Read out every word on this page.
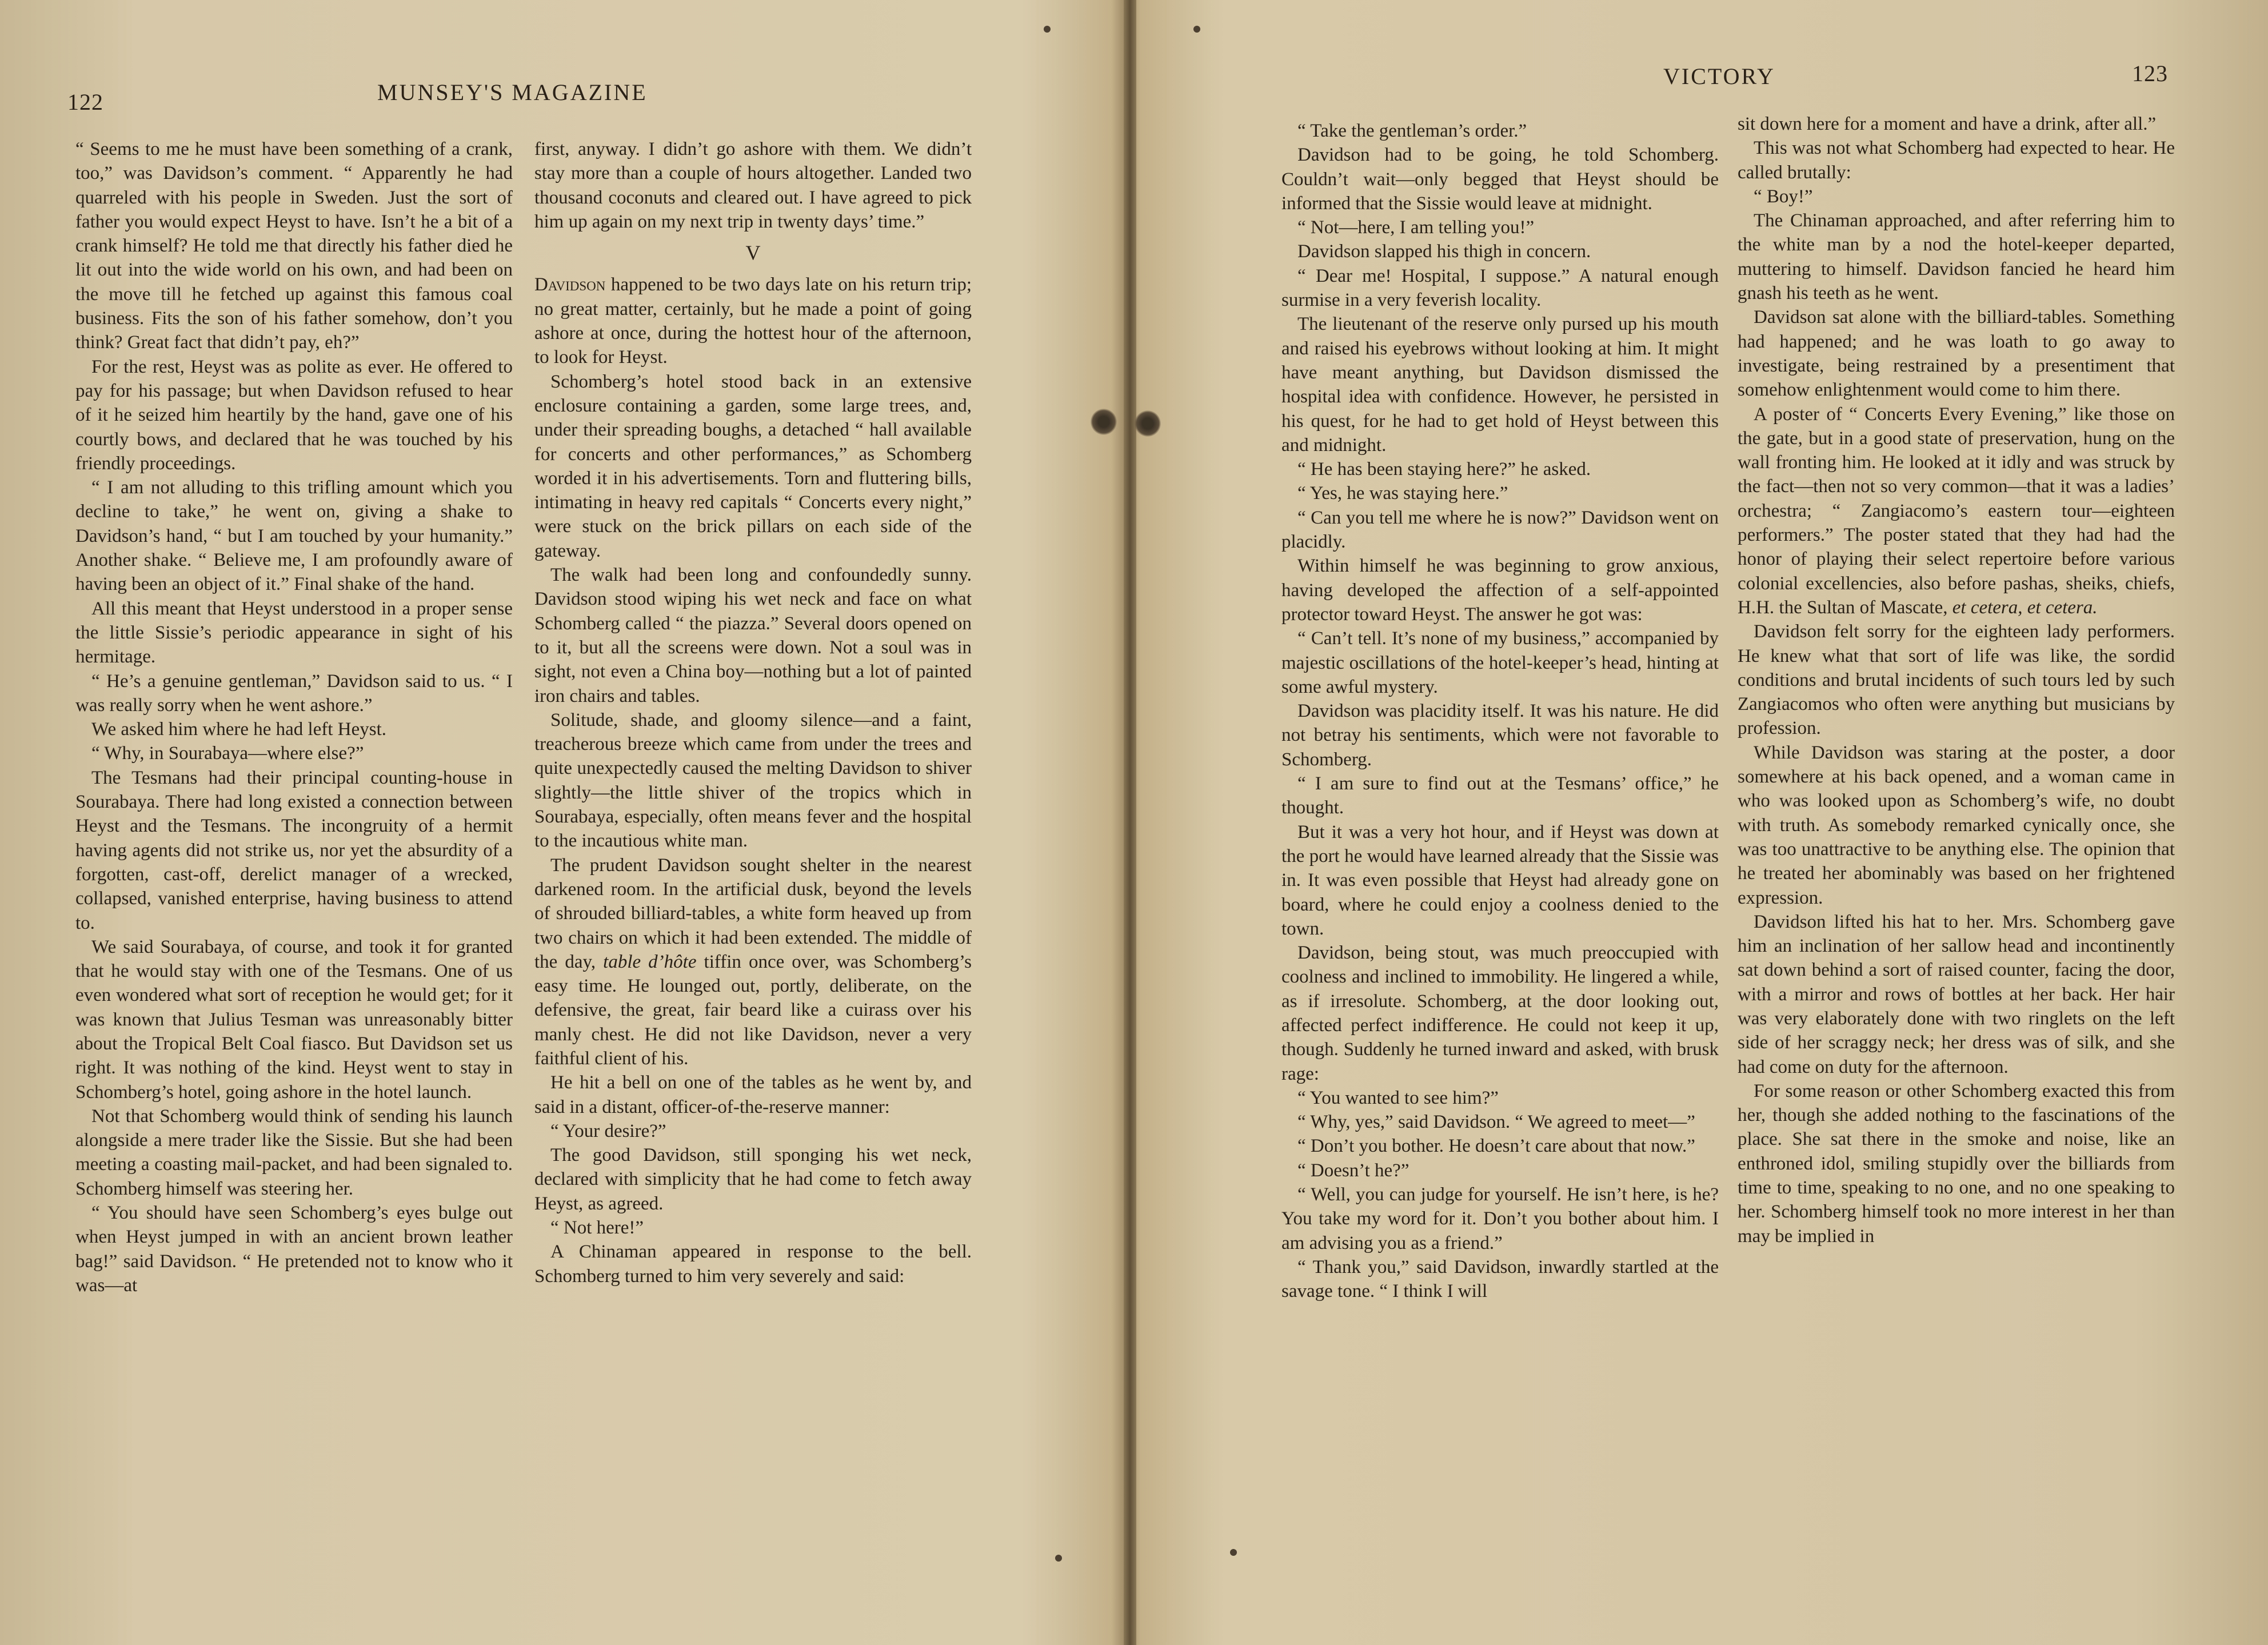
122	MUNSEY'S MAGAZINE

“ Seems to me he must have been something of a crank, too,” was Davidson’s comment. “ Apparently he had quarreled with his people in Sweden. Just the sort of father you would expect Heyst to have. Isn’t he a bit of a crank himself? He told me that directly his father died he lit out into the wide world on his own, and had been on the move till he fetched up against this famous coal business. Fits the son of his father somehow, don’t you think? Great fact that didn’t pay, eh?”

For the rest, Heyst was as polite as ever. He offered to pay for his passage; but when Davidson refused to hear of it he seized him heartily by the hand, gave one of his courtly bows, and declared that he was touched by his friendly proceedings.

“ I am not alluding to this trifling amount which you decline to take,” he went on, giving a shake to Davidson’s hand, “ but I am touched by your humanity.” Another shake. “ Believe me, I am profoundly aware of having been an object of it.” Final shake of the hand.

All this meant that Heyst understood in a proper sense the little Sissie’s periodic appearance in sight of his hermitage.

“ He’s a genuine gentleman,” Davidson said to us. “ I was really sorry when he went ashore.”

We asked him where he had left Heyst.

“ Why, in Sourabaya—where else?”

The Tesmans had their principal counting-house in Sourabaya. There had long existed a connection between Heyst and the Tesmans. The incongruity of a hermit having agents did not strike us, nor yet the absurdity of a forgotten, cast-off, derelict manager of a wrecked, collapsed, vanished enterprise, having business to attend to.

We said Sourabaya, of course, and took it for granted that he would stay with one of the Tesmans. One of us even wondered what sort of reception he would get; for it was known that Julius Tesman was unreasonably bitter about the Tropical Belt Coal fiasco. But Davidson set us right. It was nothing of the kind. Heyst went to stay in Schomberg’s hotel, going ashore in the hotel launch.

Not that Schomberg would think of sending his launch alongside a mere trader like the Sissie. But she had been meeting a coasting mail-packet, and had been signaled to. Schomberg himself was steering her.

“ You should have seen Schomberg’s eyes bulge out when Heyst jumped in with an ancient brown leather bag!” said Davidson. “ He pretended not to know who it was—at

first, anyway. I didn’t go ashore with them. We didn’t stay more than a couple of hours altogether. Landed two thousand coconuts and cleared out. I have agreed to pick him up again on my next trip in twenty days’ time.”

V

Davidson happened to be two days late on his return trip; no great matter, certainly, but he made a point of going ashore at once, during the hottest hour of the afternoon, to look for Heyst.

Schomberg’s hotel stood back in an extensive enclosure containing a garden, some large trees, and, under their spreading boughs, a detached “ hall available for concerts and other performances,” as Schomberg worded it in his advertisements. Torn and fluttering bills, intimating in heavy red capitals “ Concerts every night,” were stuck on the brick pillars on each side of the gateway.

The walk had been long and confoundedly sunny. Davidson stood wiping his wet neck and face on what Schomberg called “ the piazza.” Several doors opened on to it, but all the screens were down. Not a soul was in sight, not even a China boy—nothing but a lot of painted iron chairs and tables.

Solitude, shade, and gloomy silence—and a faint, treacherous breeze which came from under the trees and quite unexpectedly caused the melting Davidson to shiver slightly—the little shiver of the tropics which in Sourabaya, especially, often means fever and the hospital to the incautious white man.

The prudent Davidson sought shelter in the nearest darkened room. In the artificial dusk, beyond the levels of shrouded billiard-tables, a white form heaved up from two chairs on which it had been extended. The middle of the day, table d’hôte tiffin once over, was Schomberg’s easy time. He lounged out, portly, deliberate, on the defensive, the great, fair beard like a cuirass over his manly chest. He did not like Davidson, never a very faithful client of his.

He hit a bell on one of the tables as he went by, and said in a distant, officer-of-the-reserve manner:

“ Your desire?”

The good Davidson, still sponging his wet neck, declared with simplicity that he had come to fetch away Heyst, as agreed.

“ Not here!”

A Chinaman appeared in response to the bell. Schomberg turned to him very severely and said:

VICTORY	123

“ Take the gentleman’s order.”

Davidson had to be going, he told Schomberg. Couldn’t wait—only begged that Heyst should be informed that the Sissie would leave at midnight.

“ Not—here, I am telling you!”

Davidson slapped his thigh in concern.

“ Dear me! Hospital, I suppose.” A natural enough surmise in a very feverish locality.

The lieutenant of the reserve only pursed up his mouth and raised his eyebrows without looking at him. It might have meant anything, but Davidson dismissed the hospital idea with confidence. However, he persisted in his quest, for he had to get hold of Heyst between this and midnight.

“ He has been staying here?” he asked.

“ Yes, he was staying here.”

“ Can you tell me where he is now?” Davidson went on placidly.

Within himself he was beginning to grow anxious, having developed the affection of a self-appointed protector toward Heyst. The answer he got was:

“ Can’t tell. It’s none of my business,” accompanied by majestic oscillations of the hotel-keeper’s head, hinting at some awful mystery.

Davidson was placidity itself. It was his nature. He did not betray his sentiments, which were not favorable to Schomberg.

“ I am sure to find out at the Tesmans’ office,” he thought.

But it was a very hot hour, and if Heyst was down at the port he would have learned already that the Sissie was in. It was even possible that Heyst had already gone on board, where he could enjoy a coolness denied to the town.

Davidson, being stout, was much preoccupied with coolness and inclined to immobility. He lingered a while, as if irresolute. Schomberg, at the door looking out, affected perfect indifference. He could not keep it up, though. Suddenly he turned inward and asked, with brusk rage:

“ You wanted to see him?”

“ Why, yes,” said Davidson. “ We agreed to meet—”

“ Don’t you bother. He doesn’t care about that now.”

“ Doesn’t he?”

“ Well, you can judge for yourself. He isn’t here, is he? You take my word for it. Don’t you bother about him. I am advising you as a friend.”

“ Thank you,” said Davidson, inwardly startled at the savage tone. “ I think I will

sit down here for a moment and have a drink, after all.”

This was not what Schomberg had expected to hear. He called brutally:

“ Boy!”

The Chinaman approached, and after referring him to the white man by a nod the hotel-keeper departed, muttering to himself. Davidson fancied he heard him gnash his teeth as he went.

Davidson sat alone with the billiard-tables. Something had happened; and he was loath to go away to investigate, being restrained by a presentiment that somehow enlightenment would come to him there.

A poster of “ Concerts Every Evening,” like those on the gate, but in a good state of preservation, hung on the wall fronting him. He looked at it idly and was struck by the fact—then not so very common—that it was a ladies’ orchestra; “ Zangiacomo’s eastern tour—eighteen performers.” The poster stated that they had had the honor of playing their select repertoire before various colonial excellencies, also before pashas, sheiks, chiefs, H.H. the Sultan of Mascate, et cetera, et cetera.

Davidson felt sorry for the eighteen lady performers. He knew what that sort of life was like, the sordid conditions and brutal incidents of such tours led by such Zangiacomos who often were anything but musicians by profession.

While Davidson was staring at the poster, a door somewhere at his back opened, and a woman came in who was looked upon as Schomberg’s wife, no doubt with truth. As somebody remarked cynically once, she was too unattractive to be anything else. The opinion that he treated her abominably was based on her frightened expression.

Davidson lifted his hat to her. Mrs. Schomberg gave him an inclination of her sallow head and incontinently sat down behind a sort of raised counter, facing the door, with a mirror and rows of bottles at her back. Her hair was very elaborately done with two ringlets on the left side of her scraggy neck; her dress was of silk, and she had come on duty for the afternoon.

For some reason or other Schomberg exacted this from her, though she added nothing to the fascinations of the place. She sat there in the smoke and noise, like an enthroned idol, smiling stupidly over the billiards from time to time, speaking to no one, and no one speaking to her. Schomberg himself took no more interest in her than may be implied in
